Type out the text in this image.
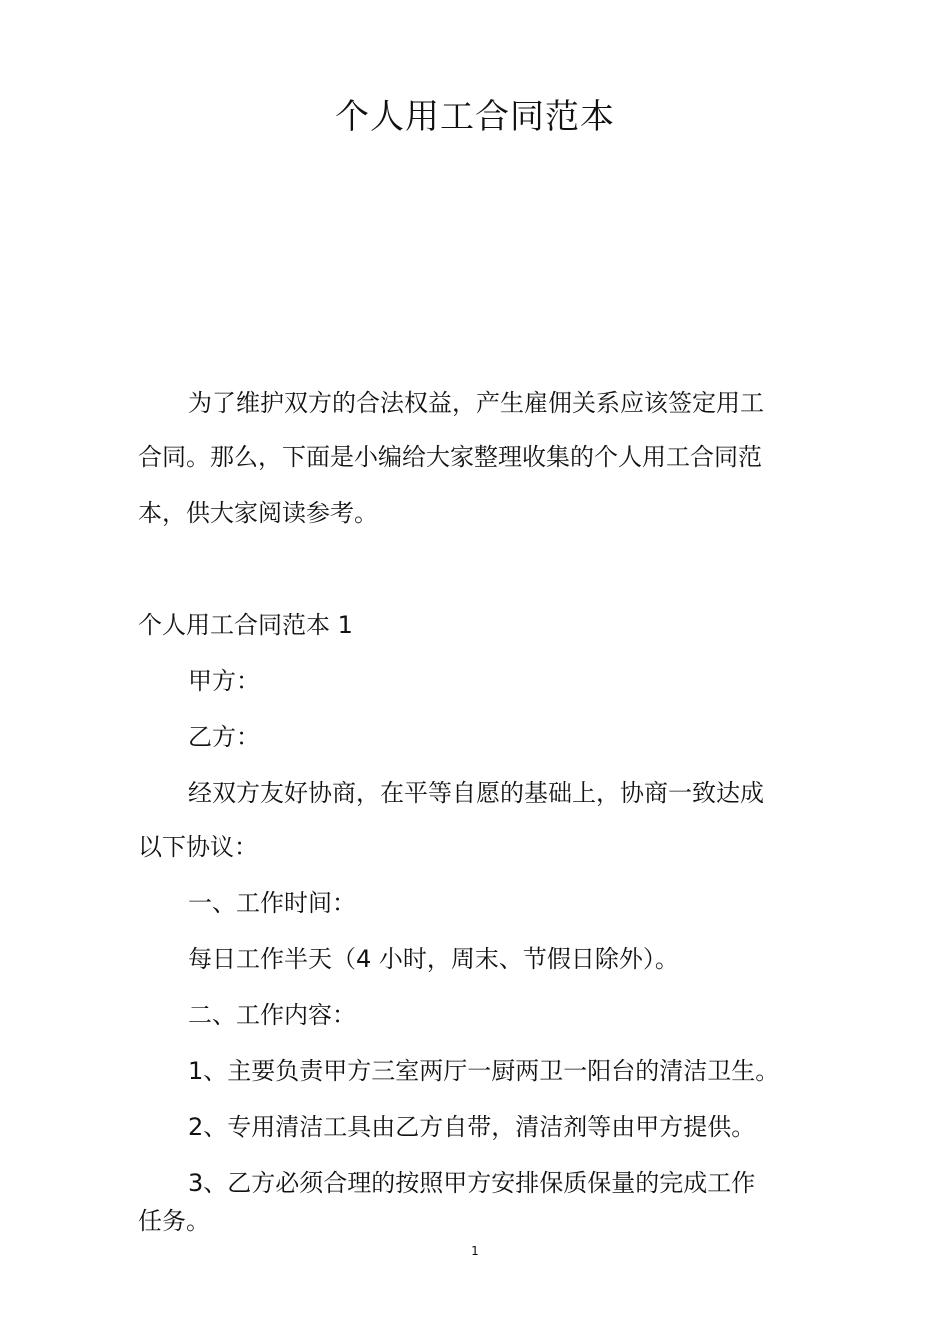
个人用工合同范本

为了维护双方的合法权益，产生雇佣关系应该签定用工

合同。那么，下面是小编给大家整理收集的个人用工合同范

本，供大家阅读参考。

个人用工合同范本 1

甲方：

乙方：

经双方友好协商，在平等自愿的基础上，协商一致达成

以下协议：

一、工作时间：

每日工作半天（4 小时，周末、节假日除外）。

二、工作内容：

1、主要负责甲方三室两厅一厨两卫一阳台的清洁卫生。

2、专用清洁工具由乙方自带，清洁剂等由甲方提供。

3、乙方必须合理的按照甲方安排保质保量的完成工作

任务。

1
